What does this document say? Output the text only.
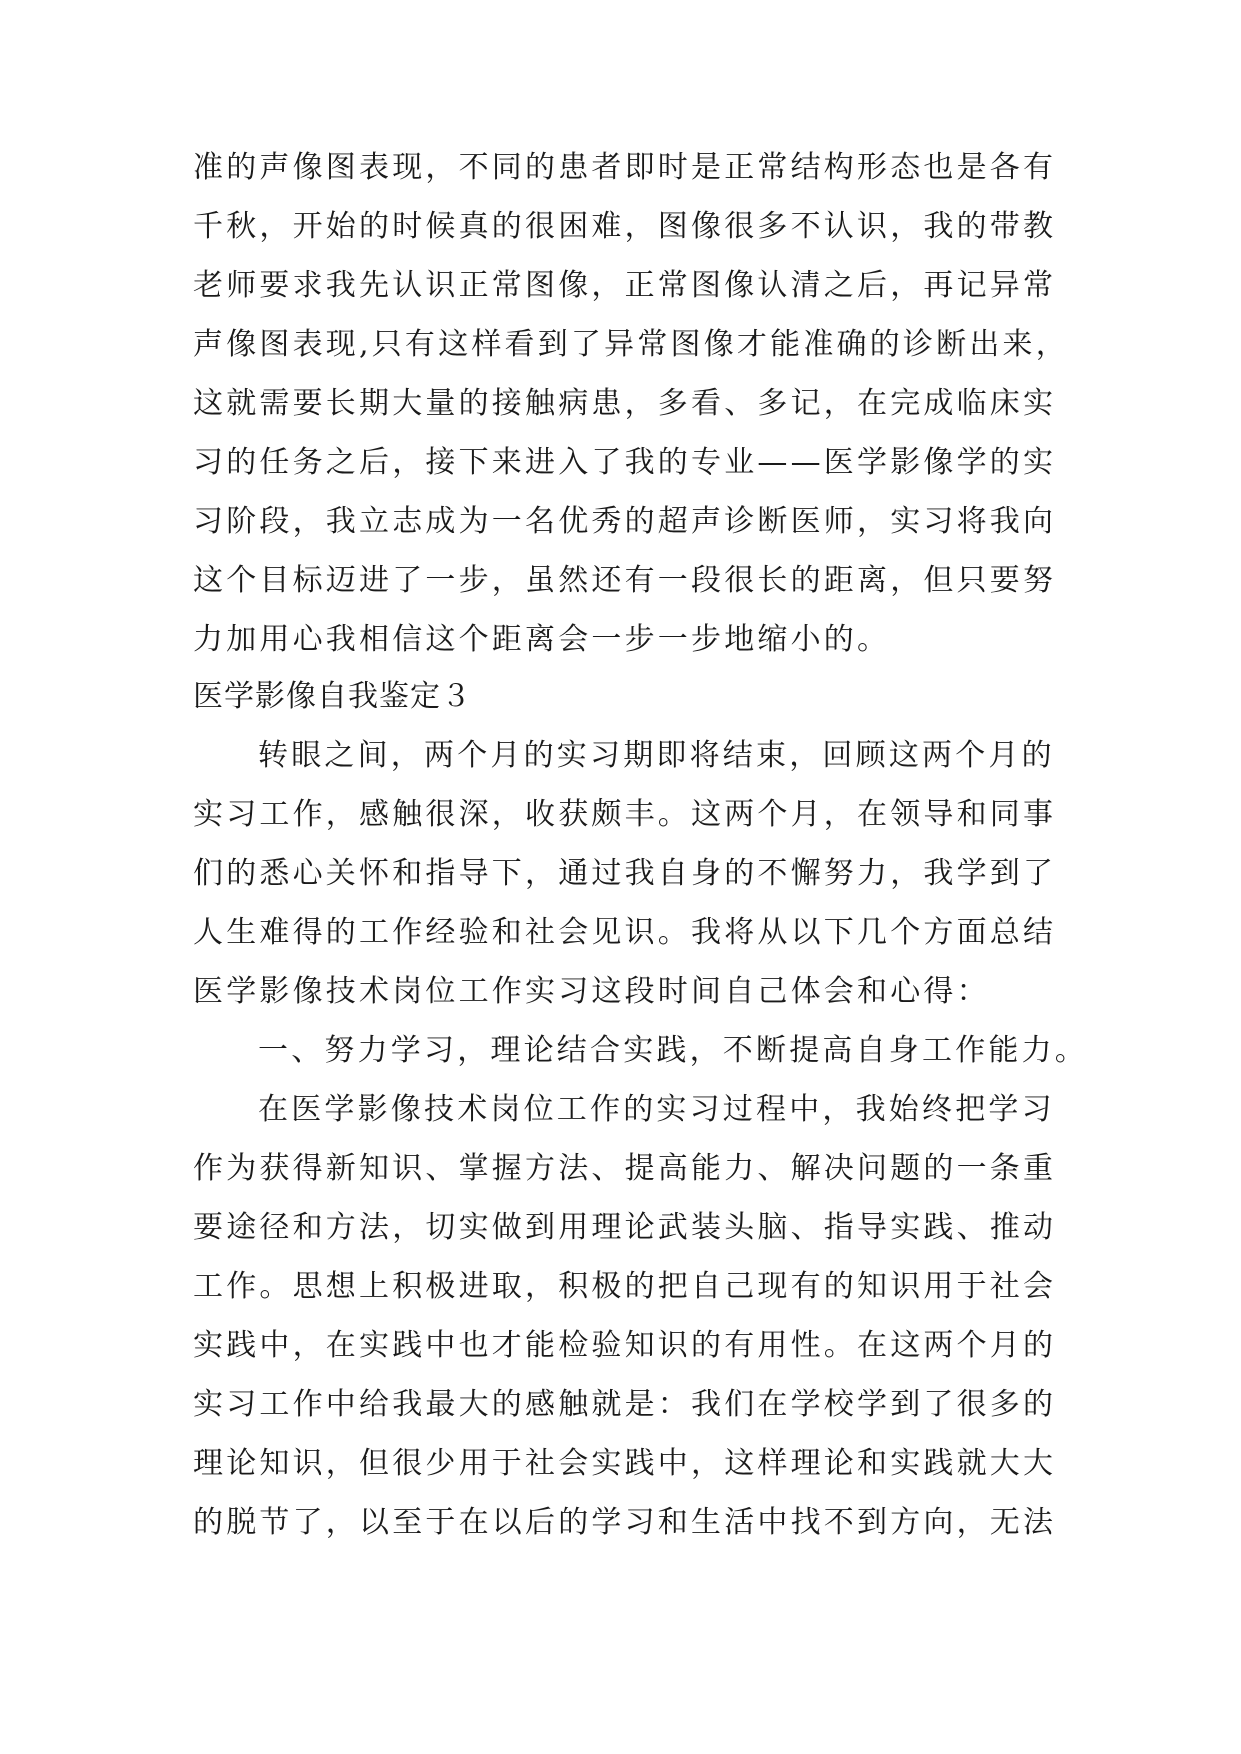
准的声像图表现，不同的患者即时是正常结构形态也是各有
千秋，开始的时候真的很困难，图像很多不认识，我的带教
老师要求我先认识正常图像，正常图像认清之后，再记异常
声像图表现,只有这样看到了异常图像才能准确的诊断出来，
这就需要长期大量的接触病患，多看、多记，在完成临床实
习的任务之后，接下来进入了我的专业——医学影像学的实
习阶段，我立志成为一名优秀的超声诊断医师，实习将我向
这个目标迈进了一步，虽然还有一段很长的距离，但只要努
力加用心我相信这个距离会一步一步地缩小的。
医学影像自我鉴定３
转眼之间，两个月的实习期即将结束，回顾这两个月的
实习工作，感触很深，收获颇丰。这两个月，在领导和同事
们的悉心关怀和指导下，通过我自身的不懈努力，我学到了
人生难得的工作经验和社会见识。我将从以下几个方面总结
医学影像技术岗位工作实习这段时间自己体会和心得：
一、努力学习，理论结合实践，不断提高自身工作能力。
在医学影像技术岗位工作的实习过程中，我始终把学习
作为获得新知识、掌握方法、提高能力、解决问题的一条重
要途径和方法，切实做到用理论武装头脑、指导实践、推动
工作。思想上积极进取，积极的把自己现有的知识用于社会
实践中，在实践中也才能检验知识的有用性。在这两个月的
实习工作中给我最大的感触就是：我们在学校学到了很多的
理论知识，但很少用于社会实践中，这样理论和实践就大大
的脱节了，以至于在以后的学习和生活中找不到方向，无法
